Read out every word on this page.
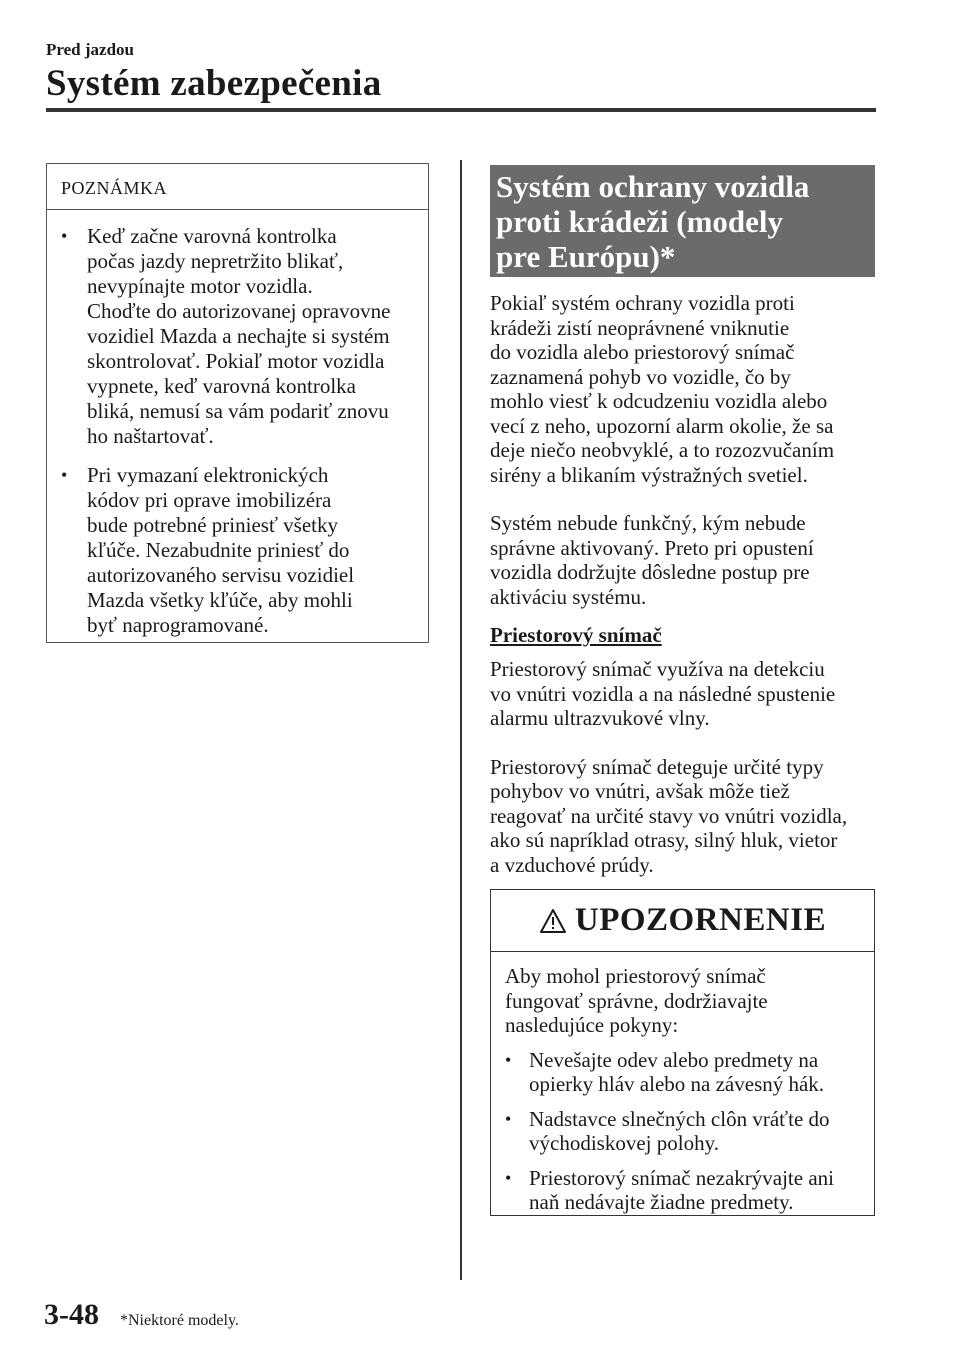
Pred jazdou
Systém zabezpečenia
POZNÁMKA
• Keď začne varovná kontrolka
počas jazdy nepretržito blikať,
nevypínajte motor vozidla.
Choďte do autorizovanej opravovne
vozidiel Mazda a nechajte si systém
skontrolovať. Pokiaľ motor vozidla
vypnete, keď varovná kontrolka
bliká, nemusí sa vám podariť znovu
ho naštartovať.
• Pri vymazaní elektronických
kódov pri oprave imobilizéra
bude potrebné priniesť všetky
kľúče. Nezabudnite priniesť do
autorizovaného servisu vozidiel
Mazda všetky kľúče, aby mohli
byť naprogramované.
Systém ochrany vozidla
proti krádeži (modely
pre Európu)*
Pokiaľ systém ochrany vozidla proti
krádeži zistí neoprávnené vniknutie
do vozidla alebo priestorový snímač
zaznamená pohyb vo vozidle, čo by
mohlo viesť k odcudzeniu vozidla alebo
vecí z neho, upozorní alarm okolie, že sa
deje niečo neobvyklé, a to rozozvučaním
sirény a blikaním výstražných svetiel.
Systém nebude funkčný, kým nebude
správne aktivovaný. Preto pri opustení
vozidla dodržujte dôsledne postup pre
aktiváciu systému.
Priestorový snímač
Priestorový snímač využíva na detekciu
vo vnútri vozidla a na následné spustenie
alarmu ultrazvukové vlny.
Priestorový snímač deteguje určité typy
pohybov vo vnútri, avšak môže tiež
reagovať na určité stavy vo vnútri vozidla,
ako sú napríklad otrasy, silný hluk, vietor
a vzduchové prúdy.
UPOZORNENIE
Aby mohol priestorový snímač
fungovať správne, dodržiavajte
nasledujúce pokyny:
• Nevešajte odev alebo predmety na
opierky hláv alebo na závesný hák.
• Nadstavce slnečných clôn vráťte do
východiskovej polohy.
• Priestorový snímač nezakrývajte ani
naň nedávajte žiadne predmety.
3-48 *Niektoré modely.
